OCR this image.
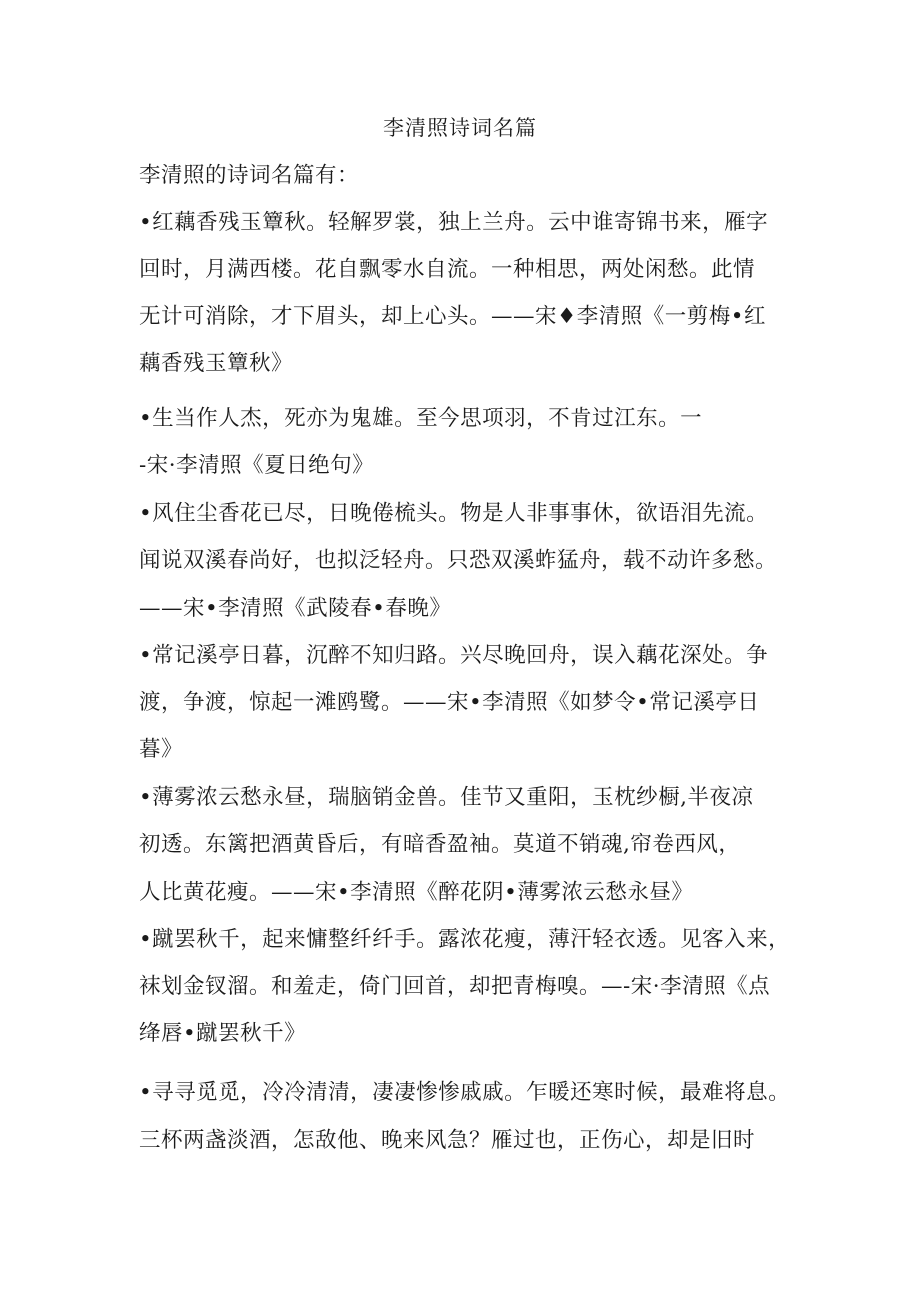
李清照诗词名篇
李清照的诗词名篇有：
•红藕香残玉簟秋。轻解罗裳，独上兰舟。云中谁寄锦书来，雁字
回时，月满西楼。花自飘零水自流。一种相思，两处闲愁。此情
无计可消除，才下眉头，却上心头。——宋♦李清照《一剪梅•红
藕香残玉簟秋》
•生当作人杰，死亦为鬼雄。至今思项羽，不肯过江东。一
-宋·李清照《夏日绝句》
•风住尘香花已尽，日晚倦梳头。物是人非事事休，欲语泪先流。
闻说双溪春尚好，也拟泛轻舟。只恐双溪蚱猛舟，载不动许多愁。
——宋•李清照《武陵春•春晚》
•常记溪亭日暮，沉醉不知归路。兴尽晚回舟，误入藕花深处。争
渡，争渡，惊起一滩鸥鹭。——宋•李清照《如梦令•常记溪亭日
暮》
•薄雾浓云愁永昼，瑞脑销金兽。佳节又重阳，玉枕纱橱,半夜凉
初透。东篱把酒黄昏后，有暗香盈袖。莫道不销魂,帘卷西风，
人比黄花瘦。——宋•李清照《醉花阴•薄雾浓云愁永昼》
•蹴罢秋千，起来慵整纤纤手。露浓花瘦，薄汗轻衣透。见客入来，
袜划金钗溜。和羞走，倚门回首，却把青梅嗅。—-宋·李清照《点
绛唇•蹴罢秋千》
•寻寻觅觅，冷冷清清，凄凄惨惨戚戚。乍暖还寒时候，最难将息。
三杯两盏淡酒，怎敌他、晚来风急？雁过也，正伤心，却是旧时
